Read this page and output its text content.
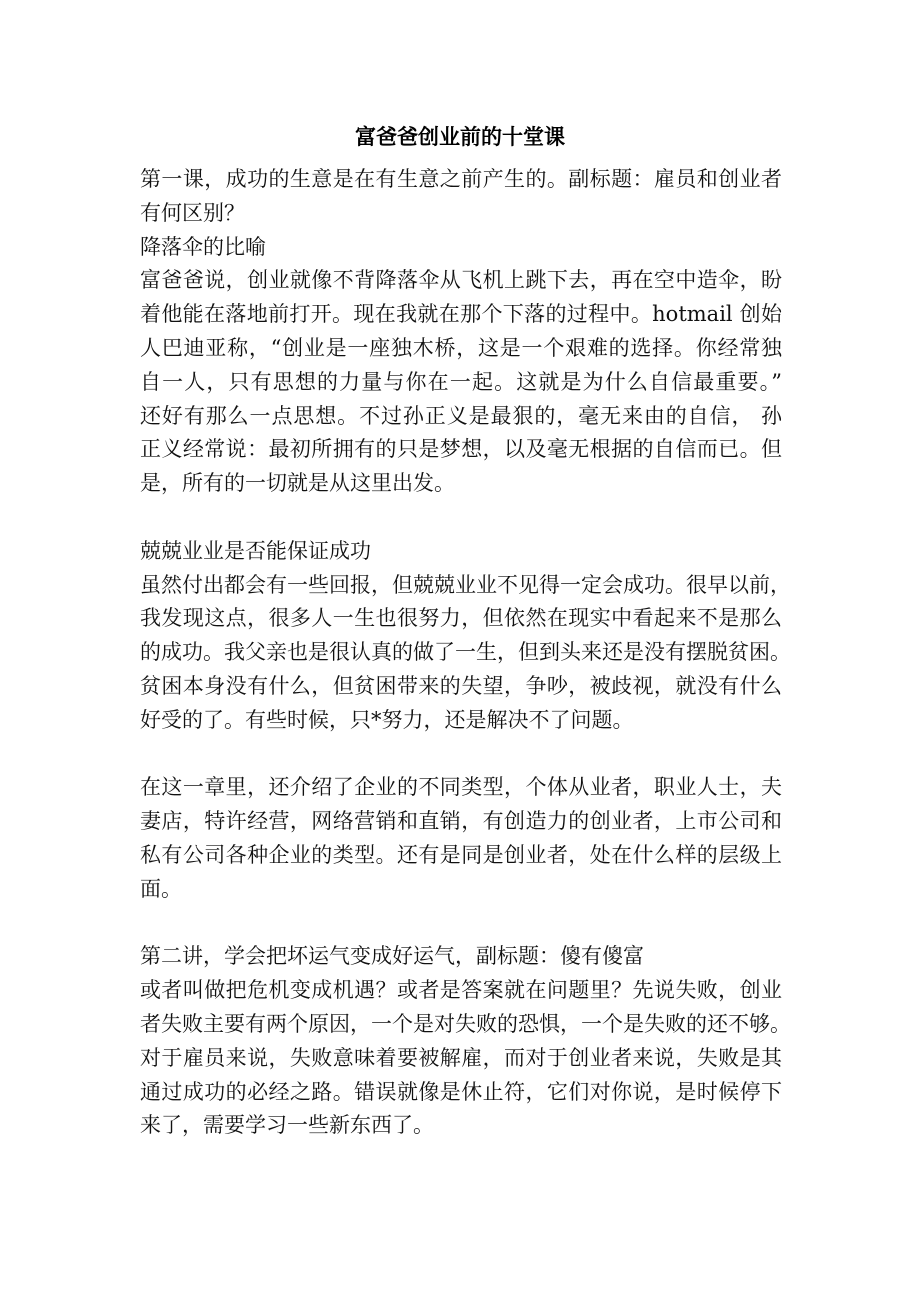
富爸爸创业前的十堂课
第一课，成功的生意是在有生意之前产生的。副标题：雇员和创业者
有何区别？
降落伞的比喻
富爸爸说，创业就像不背降落伞从飞机上跳下去，再在空中造伞，盼
着他能在落地前打开。现在我就在那个下落的过程中。hotmail 创始
人巴迪亚称，“创业是一座独木桥，这是一个艰难的选择。你经常独
自一人，只有思想的力量与你在一起。这就是为什么自信最重要。”
还好有那么一点思想。不过孙正义是最狠的，毫无来由的自信， 孙
正义经常说：最初所拥有的只是梦想，以及毫无根据的自信而已。但
是，所有的一切就是从这里出发。
兢兢业业是否能保证成功
虽然付出都会有一些回报，但兢兢业业不见得一定会成功。很早以前，
我发现这点，很多人一生也很努力，但依然在现实中看起来不是那么
的成功。我父亲也是很认真的做了一生，但到头来还是没有摆脱贫困。
贫困本身没有什么，但贫困带来的失望，争吵，被歧视，就没有什么
好受的了。有些时候，只*努力，还是解决不了问题。
在这一章里，还介绍了企业的不同类型，个体从业者，职业人士，夫
妻店，特许经营，网络营销和直销，有创造力的创业者，上市公司和
私有公司各种企业的类型。还有是同是创业者，处在什么样的层级上
面。
第二讲，学会把坏运气变成好运气，副标题：傻有傻富
或者叫做把危机变成机遇？或者是答案就在问题里？先说失败，创业
者失败主要有两个原因，一个是对失败的恐惧，一个是失败的还不够。
对于雇员来说，失败意味着要被解雇，而对于创业者来说，失败是其
通过成功的必经之路。错误就像是休止符，它们对你说，是时候停下
来了，需要学习一些新东西了。
